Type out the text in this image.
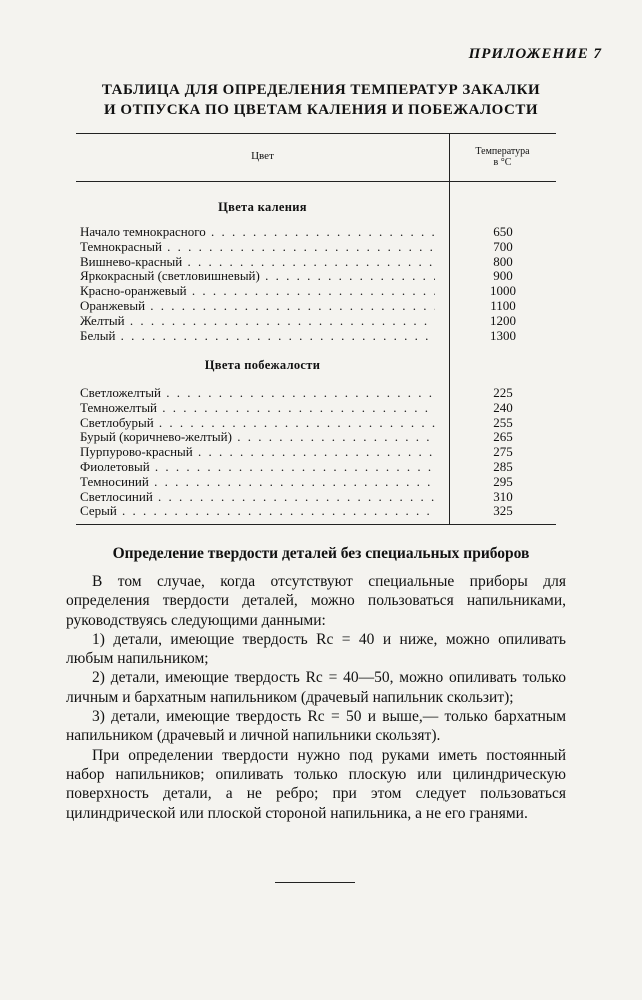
ПРИЛОЖЕНИЕ 7
ТАБЛИЦА ДЛЯ ОПРЕДЕЛЕНИЯ ТЕМПЕРАТУР ЗАКАЛКИ
И ОТПУСКА ПО ЦВЕТАМ КАЛЕНИЯ И ПОБЕЖАЛОСТИ
Цвет	Температура
в °С
Цвета каления
Начало темнокрасного . . .	650
Темнокрасный . . .	700
Вишнево-красный . . .	800
Яркокрасный (светловишневый) . . .	900
Красно-оранжевый . . .	1000
Оранжевый . . .	1100
Желтый . . .	1200
Белый . . .	1300
Цвета побежалости
Светложелтый . . .	225
Темножелтый . . .	240
Светлобурый . . .	255
Бурый (коричнево-желтый) . . .	265
Пурпурово-красный . . .	275
Фиолетовый . . .	285
Темносиний . . .	295
Светлосиний . . .	310
Серый . . .	325
Определение твердости деталей без специальных приборов

В том случае, когда отсутствуют специальные приборы для определения твердости деталей, можно пользоваться напильниками, руководствуясь следующими данными:

1) детали, имеющие твердость Rc = 40 и ниже, можно опиливать любым напильником;

2) детали, имеющие твердость Rc = 40—50, можно опиливать только личным и бархатным напильником (драчевый напильник скользит);

3) детали, имеющие твердость Rc = 50 и выше,— только бархатным напильником (драчевый и личной напильники скользят).

При определении твердости нужно под руками иметь постоянный набор напильников; опиливать только плоскую или цилиндрическую поверхность детали, а не ребро; при этом следует пользоваться цилиндрической или плоской стороной напильника, а не его гранями.
